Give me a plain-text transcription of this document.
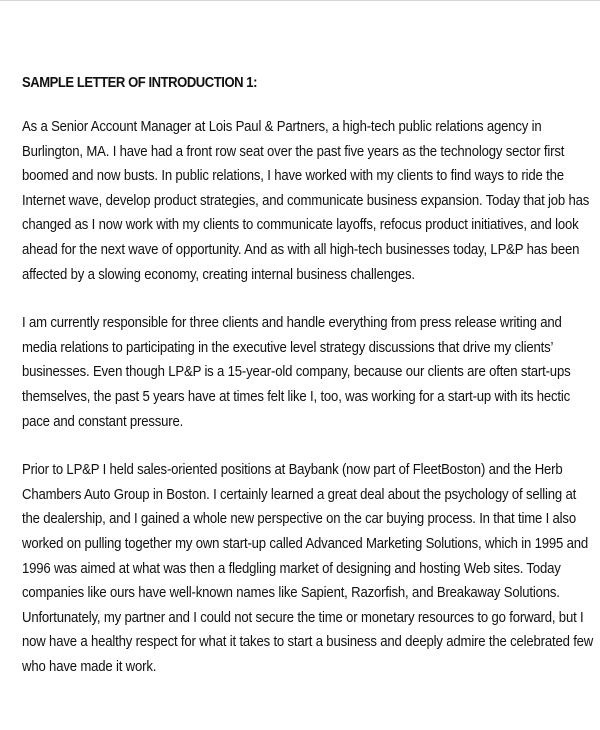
SAMPLE LETTER OF INTRODUCTION 1:
As a Senior Account Manager at Lois Paul & Partners, a high-tech public relations agency in
Burlington, MA. I have had a front row seat over the past five years as the technology sector first
boomed and now busts. In public relations, I have worked with my clients to find ways to ride the
Internet wave, develop product strategies, and communicate business expansion. Today that job has
changed as I now work with my clients to communicate layoffs, refocus product initiatives, and look
ahead for the next wave of opportunity. And as with all high-tech businesses today, LP&P has been
affected by a slowing economy, creating internal business challenges.
I am currently responsible for three clients and handle everything from press release writing and
media relations to participating in the executive level strategy discussions that drive my clients’
businesses. Even though LP&P is a 15-year-old company, because our clients are often start-ups
themselves, the past 5 years have at times felt like I, too, was working for a start-up with its hectic
pace and constant pressure.
Prior to LP&P I held sales-oriented positions at Baybank (now part of FleetBoston) and the Herb
Chambers Auto Group in Boston. I certainly learned a great deal about the psychology of selling at
the dealership, and I gained a whole new perspective on the car buying process. In that time I also
worked on pulling together my own start-up called Advanced Marketing Solutions, which in 1995 and
1996 was aimed at what was then a fledgling market of designing and hosting Web sites. Today
companies like ours have well-known names like Sapient, Razorfish, and Breakaway Solutions.
Unfortunately, my partner and I could not secure the time or monetary resources to go forward, but I
now have a healthy respect for what it takes to start a business and deeply admire the celebrated few
who have made it work.
